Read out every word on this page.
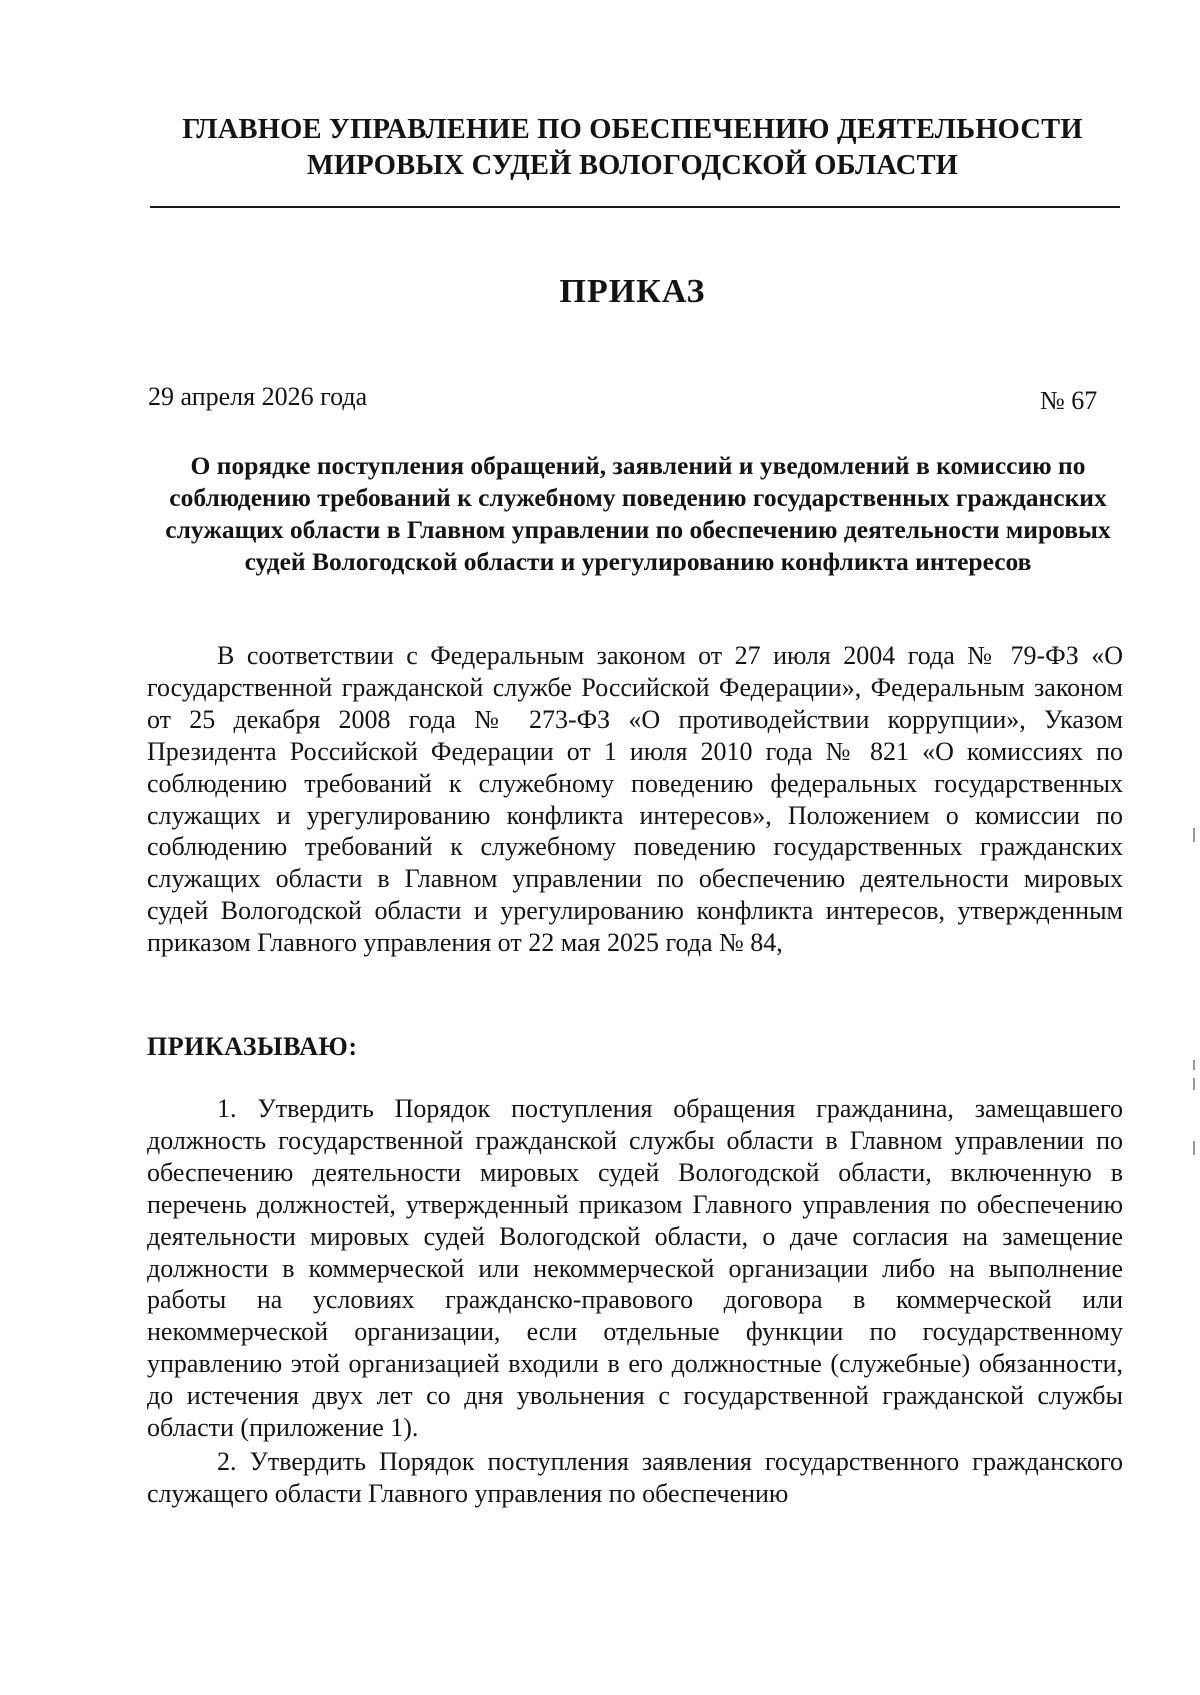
ГЛАВНОЕ УПРАВЛЕНИЕ ПО ОБЕСПЕЧЕНИЮ ДЕЯТЕЛЬНОСТИ
МИРОВЫХ СУДЕЙ ВОЛОГОДСКОЙ ОБЛАСТИ
ПРИКАЗ
29 апреля 2026 года	№ 67
О порядке поступления обращений, заявлений и уведомлений в комиссию по соблюдению требований к служебному поведению государственных гражданских служащих области в Главном управлении по обеспечению деятельности мировых судей Вологодской области и урегулированию конфликта интересов

В соответствии с Федеральным законом от 27 июля 2004 года № 79-ФЗ «О государственной гражданской службе Российской Федерации», Федеральным законом от 25 декабря 2008 года № 273-ФЗ «О противодействии коррупции», Указом Президента Российской Федерации от 1 июля 2010 года № 821 «О комиссиях по соблюдению требований к служебному поведению федеральных государственных служащих и урегулированию конфликта интересов», Положением о комиссии по соблюдению требований к служебному поведению государственных гражданских служащих области в Главном управлении по обеспечению деятельности мировых судей Вологодской области и урегулированию конфликта интересов, утвержденным приказом Главного управления от 22 мая 2025 года № 84,

ПРИКАЗЫВАЮ:

1. Утвердить Порядок поступления обращения гражданина, замещавшего должность государственной гражданской службы области в Главном управлении по обеспечению деятельности мировых судей Вологодской области, включенную в перечень должностей, утвержденный приказом Главного управления по обеспечению деятельности мировых судей Вологодской области, о даче согласия на замещение должности в коммерческой или некоммерческой организации либо на выполнение работы на условиях гражданско-правового договора в коммерческой или некоммерческой организации, если отдельные функции по государственному управлению этой организацией входили в его должностные (служебные) обязанности, до истечения двух лет со дня увольнения с государственной гражданской службы области (приложение 1).

2. Утвердить Порядок поступления заявления государственного гражданского служащего области Главного управления по обеспечению
